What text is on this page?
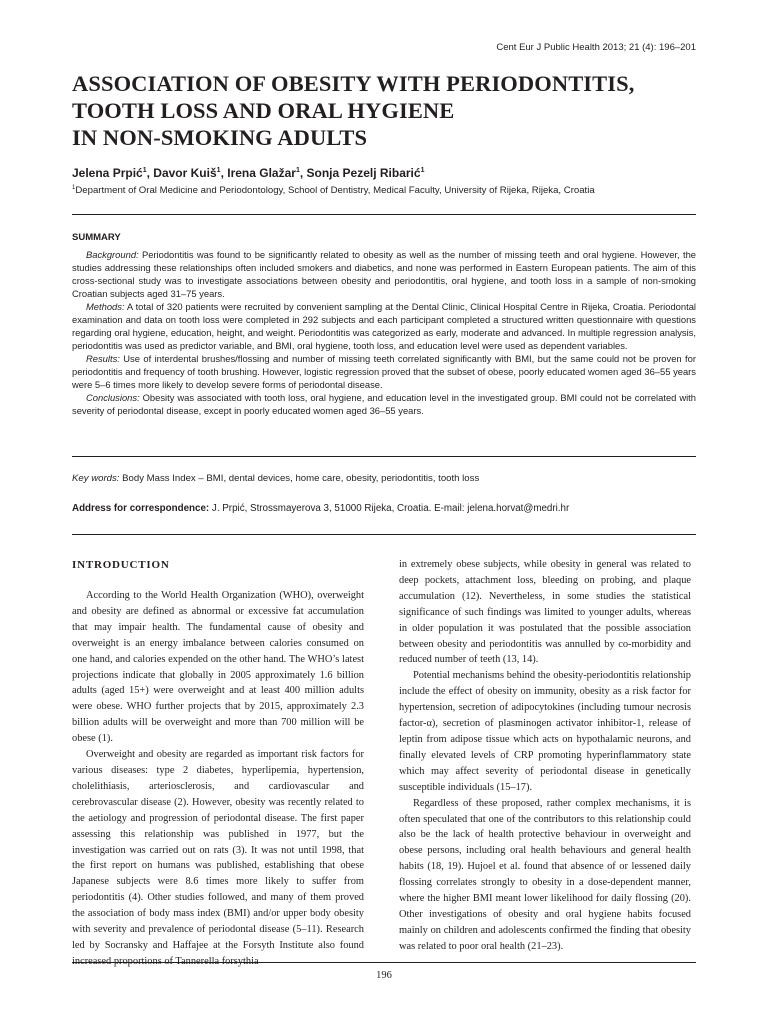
Cent Eur J Public Health 2013; 21 (4): 196–201
ASSOCIATION OF OBESITY WITH PERIODONTITIS,
TOOTH LOSS AND ORAL HYGIENE
IN NON-SMOKING ADULTS
Jelena Prpić$^1$, Davor Kuiš$^1$, Irena Glažar$^1$, Sonja Pezelj Ribarić$^1$
$^1$Department of Oral Medicine and Periodontology, School of Dentistry, Medical Faculty, University of Rijeka, Rijeka, Croatia
SUMMARY

Background: Periodontitis was found to be significantly related to obesity as well as the number of missing teeth and oral hygiene. However, the studies addressing these relationships often included smokers and diabetics, and none was performed in Eastern European patients. The aim of this cross-sectional study was to investigate associations between obesity and periodontitis, oral hygiene, and tooth loss in a sample of non-smoking Croatian subjects aged 31–75 years.

Methods: A total of 320 patients were recruited by convenient sampling at the Dental Clinic, Clinical Hospital Centre in Rijeka, Croatia. Periodontal examination and data on tooth loss were completed in 292 subjects and each participant completed a structured written questionnaire with questions regarding oral hygiene, education, height, and weight. Periodontitis was categorized as early, moderate and advanced. In multiple regression analysis, periodontitis was used as predictor variable, and BMI, oral hygiene, tooth loss, and education level were used as dependent variables.

Results: Use of interdental brushes/flossing and number of missing teeth correlated significantly with BMI, but the same could not be proven for periodontitis and frequency of tooth brushing. However, logistic regression proved that the subset of obese, poorly educated women aged 36–55 years were 5–6 times more likely to develop severe forms of periodontal disease.

Conclusions: Obesity was associated with tooth loss, oral hygiene, and education level in the investigated group. BMI could not be correlated with severity of periodontal disease, except in poorly educated women aged 36–55 years.

Key words: Body Mass Index – BMI, dental devices, home care, obesity, periodontitis, tooth loss
Address for correspondence: J. Prpić, Strossmayerova 3, 51000 Rijeka, Croatia. E-mail: jelena.horvat@medri.hr
INTRODUCTION

According to the World Health Organization (WHO), overweight and obesity are defined as abnormal or excessive fat accumulation that may impair health. The fundamental cause of obesity and overweight is an energy imbalance between calories consumed on one hand, and calories expended on the other hand. The WHO’s latest projections indicate that globally in 2005 approximately 1.6 billion adults (aged 15+) were overweight and at least 400 million adults were obese. WHO further projects that by 2015, approximately 2.3 billion adults will be overweight and more than 700 million will be obese (1).

Overweight and obesity are regarded as important risk factors for various diseases: type 2 diabetes, hyperlipemia, hypertension, cholelithiasis, arteriosclerosis, and cardiovascular and cerebrovascular disease (2). However, obesity was recently related to the aetiology and progression of periodontal disease. The first paper assessing this relationship was published in 1977, but the investigation was carried out on rats (3). It was not until 1998, that the first report on humans was published, establishing that obese Japanese subjects were 8.6 times more likely to suffer from periodontitis (4). Other studies followed, and many of them proved the association of body mass index (BMI) and/or upper body obesity with severity and prevalence of periodontal disease (5–11). Research led by Socransky and Haffajee at the Forsyth Institute also found increased proportions of Tannerella forsythia

in extremely obese subjects, while obesity in general was related to deep pockets, attachment loss, bleeding on probing, and plaque accumulation (12). Nevertheless, in some studies the statistical significance of such findings was limited to younger adults, whereas in older population it was postulated that the possible association between obesity and periodontitis was annulled by co-morbidity and reduced number of teeth (13, 14).

Potential mechanisms behind the obesity-periodontitis relationship include the effect of obesity on immunity, obesity as a risk factor for hypertension, secretion of adipocytokines (including tumour necrosis factor-α), secretion of plasminogen activator inhibitor-1, release of leptin from adipose tissue which acts on hypothalamic neurons, and finally elevated levels of CRP promoting hyperinflammatory state which may affect severity of periodontal disease in genetically susceptible individuals (15–17).

Regardless of these proposed, rather complex mechanisms, it is often speculated that one of the contributors to this relationship could also be the lack of health protective behaviour in overweight and obese persons, including oral health behaviours and general health habits (18, 19). Hujoel et al. found that absence of or lessened daily flossing correlates strongly to obesity in a dose-dependent manner, where the higher BMI meant lower likelihood for daily flossing (20). Other investigations of obesity and oral hygiene habits focused mainly on children and adolescents confirmed the finding that obesity was related to poor oral health (21–23).

196
